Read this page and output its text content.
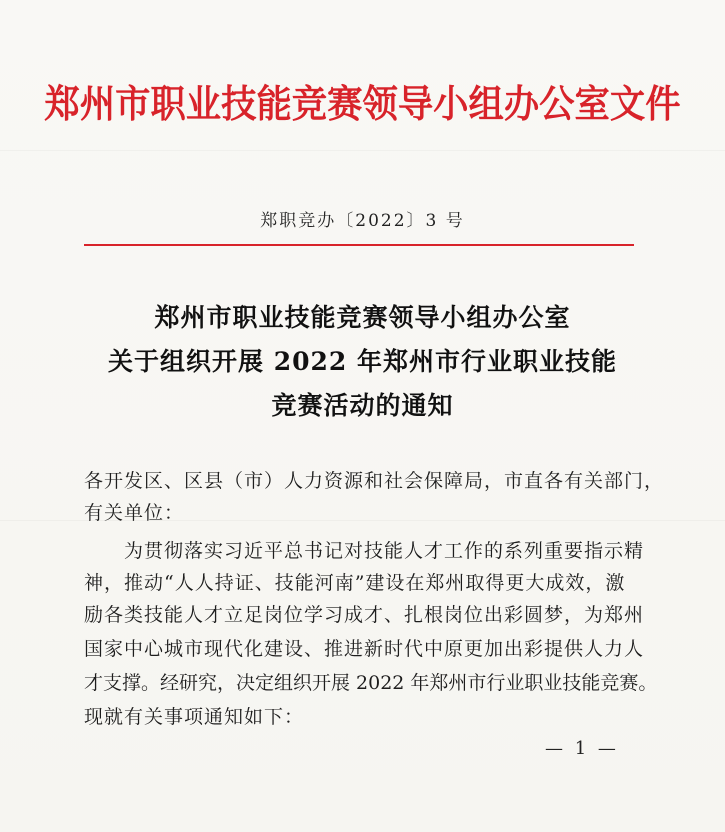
郑州市职业技能竞赛领导小组办公室文件
郑职竞办〔2022〕3 号
郑州市职业技能竞赛领导小组办公室
关于组织开展 2022 年郑州市行业职业技能
竞赛活动的通知
各开发区、区县（市）人力资源和社会保障局，市直各有关部门，
有关单位：
为贯彻落实习近平总书记对技能人才工作的系列重要指示精
神，推动“人人持证、技能河南”建设在郑州取得更大成效，激
励各类技能人才立足岗位学习成才、扎根岗位出彩圆梦，为郑州
国家中心城市现代化建设、推进新时代中原更加出彩提供人力人
才支撑。经研究，决定组织开展 2022 年郑州市行业职业技能竞赛。
现就有关事项通知如下：
— 1 —
